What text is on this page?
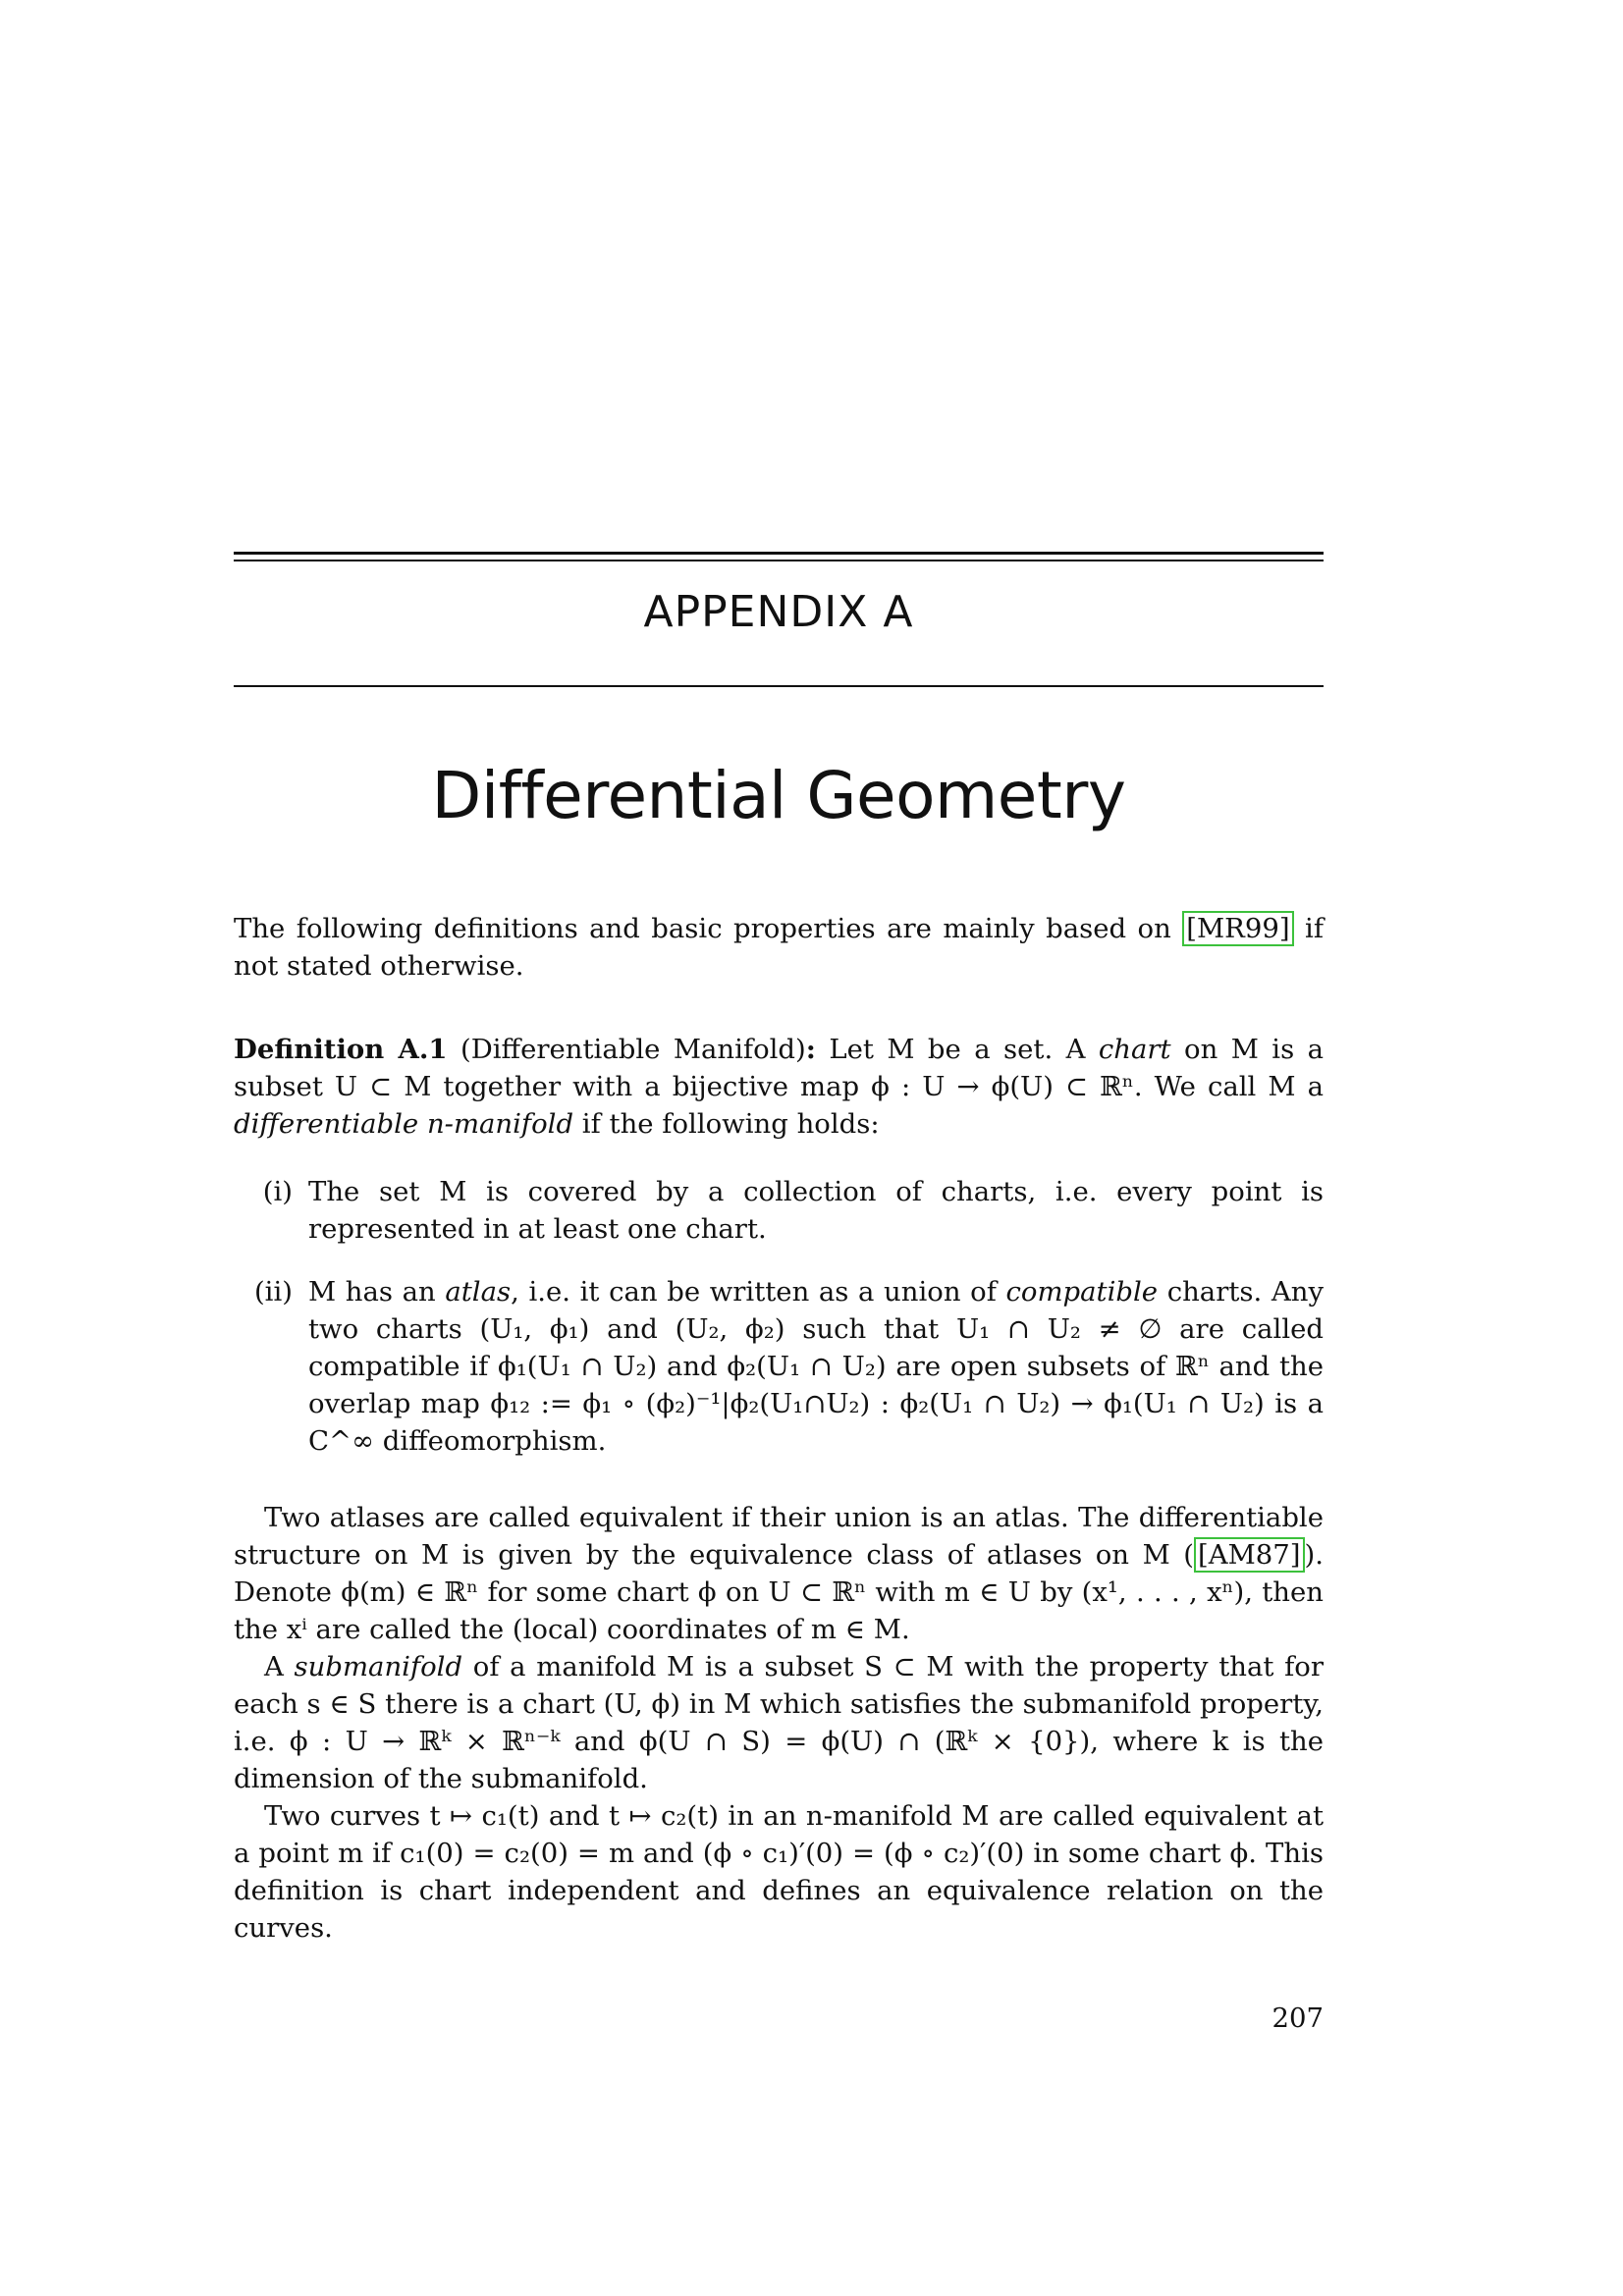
APPENDIX A
Differential Geometry

The following definitions and basic properties are mainly based on [MR99] if not stated otherwise.

Definition A.1 (Differentiable Manifold): Let M be a set. A chart on M is a subset U ⊂ M together with a bijective map ϕ : U → ϕ(U) ⊂ ℝⁿ. We call M a differentiable n-manifold if the following holds:

(i) The set M is covered by a collection of charts, i.e. every point is represented in at least one chart.

(ii) M has an atlas, i.e. it can be written as a union of compatible charts. Any two charts (U₁, ϕ₁) and (U₂, ϕ₂) such that U₁ ∩ U₂ ≠ ∅ are called compatible if ϕ₁(U₁ ∩ U₂) and ϕ₂(U₁ ∩ U₂) are open subsets of ℝⁿ and the overlap map ϕ₁₂ := ϕ₁ ∘ (ϕ₂)⁻¹|ϕ₂(U₁∩U₂) : ϕ₂(U₁ ∩ U₂) → ϕ₁(U₁ ∩ U₂) is a C^∞ diffeomorphism.

Two atlases are called equivalent if their union is an atlas. The differentiable structure on M is given by the equivalence class of atlases on M ( [AM87] ). Denote ϕ(m) ∈ ℝⁿ for some chart ϕ on U ⊂ ℝⁿ with m ∈ U by (x¹, . . . , xⁿ), then the xⁱ are called the (local) coordinates of m ∈ M.

A submanifold of a manifold M is a subset S ⊂ M with the property that for each s ∈ S there is a chart (U, ϕ) in M which satisfies the submanifold property, i.e. ϕ : U → ℝᵏ × ℝⁿ⁻ᵏ and ϕ(U ∩ S) = ϕ(U) ∩ (ℝᵏ × {0}), where k is the dimension of the submanifold.

Two curves t ↦ c₁(t) and t ↦ c₂(t) in an n-manifold M are called equivalent at a point m if c₁(0) = c₂(0) = m and (ϕ ∘ c₁)′(0) = (ϕ ∘ c₂)′(0) in some chart ϕ. This definition is chart independent and defines an equivalence relation on the curves.

207
